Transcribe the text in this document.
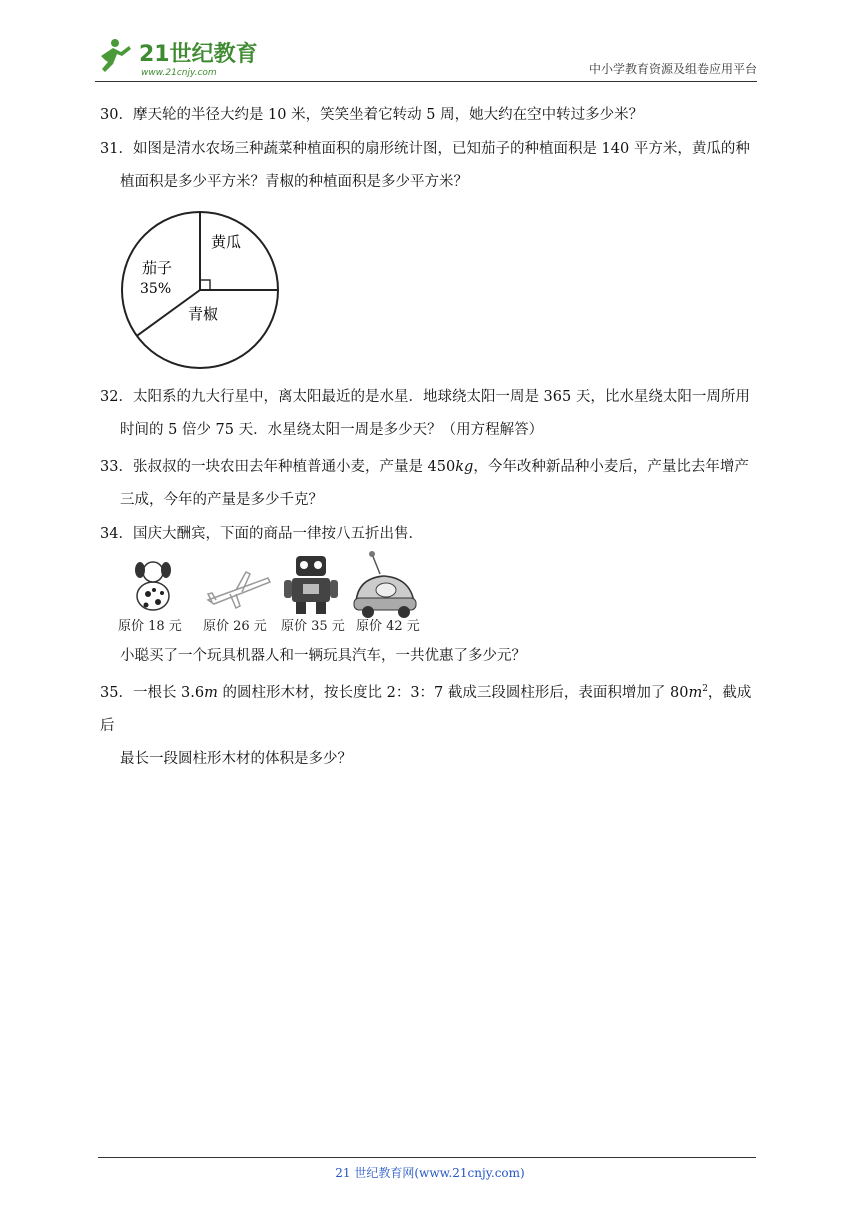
21世纪教育
www.21cnjy.com	中小学教育资源及组卷应用平台
30．摩天轮的半径大约是 10 米，笑笑坐着它转动 5 周，她大约在空中转过多少米？
31．如图是清水农场三种蔬菜种植面积的扇形统计图，已知茄子的种植面积是 140 平方米，黄瓜的种
植面积是多少平方米？青椒的种植面积是多少平方米？
黄瓜
茄子
35%
青椒
32．太阳系的九大行星中，离太阳最近的是水星．地球绕太阳一周是 365 天，比水星绕太阳一周所用
时间的 5 倍少 75 天．水星绕太阳一周是多少天？（用方程解答）
33．张叔叔的一块农田去年种植普通小麦，产量是 450kg，今年改种新品种小麦后，产量比去年增产
三成，今年的产量是多少千克？
34．国庆大酬宾，下面的商品一律按八五折出售．
原价 18 元 原价 26 元 原价 35 元 原价 42 元
小聪买了一个玩具机器人和一辆玩具汽车，一共优惠了多少元？
35．一根长 3.6m 的圆柱形木材，按长度比 2：3：7 截成三段圆柱形后，表面积增加了 $80m^2$，截成后
最长一段圆柱形木材的体积是多少？
21 世纪教育网(www.21cnjy.com)
